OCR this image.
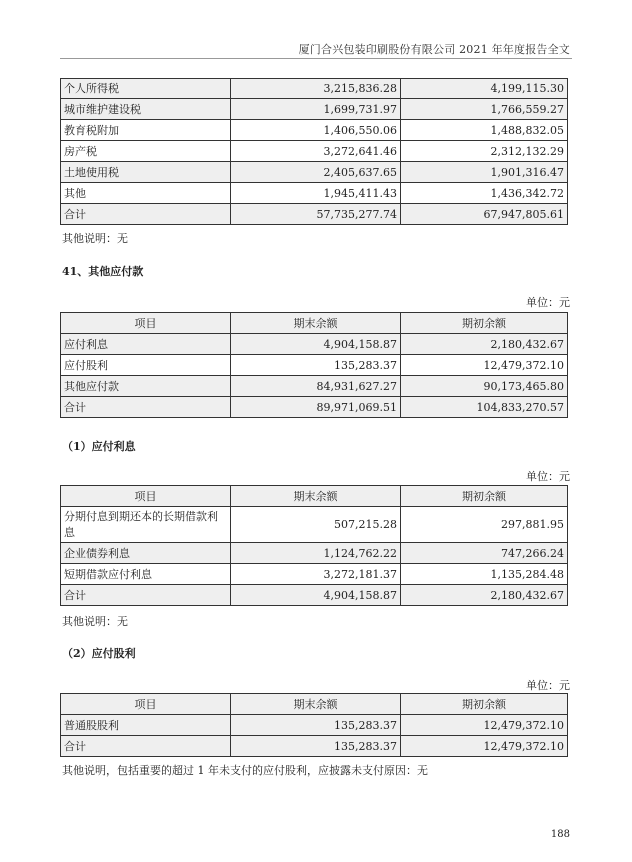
厦门合兴包装印刷股份有限公司 2021 年年度报告全文
个人所得税	3,215,836.28	4,199,115.30
城市维护建设税	1,699,731.97	1,766,559.27
教育税附加	1,406,550.06	1,488,832.05
房产税	3,272,641.46	2,312,132.29
土地使用税	2,405,637.65	1,901,316.47
其他	1,945,411.43	1,436,342.72
合计	57,735,277.74	67,947,805.61
其他说明：无
41、其他应付款
单位：元
项目	期末余额	期初余额
应付利息	4,904,158.87	2,180,432.67
应付股利	135,283.37	12,479,372.10
其他应付款	84,931,627.27	90,173,465.80
合计	89,971,069.51	104,833,270.57
（1）应付利息
单位：元
项目	期末余额	期初余额
分期付息到期还本的长期借款利息	507,215.28	297,881.95
企业债券利息	1,124,762.22	747,266.24
短期借款应付利息	3,272,181.37	1,135,284.48
合计	4,904,158.87	2,180,432.67
其他说明：无
（2）应付股利
单位：元
项目	期末余额	期初余额
普通股股利	135,283.37	12,479,372.10
合计	135,283.37	12,479,372.10
其他说明，包括重要的超过 1 年未支付的应付股利，应披露未支付原因：无
188
